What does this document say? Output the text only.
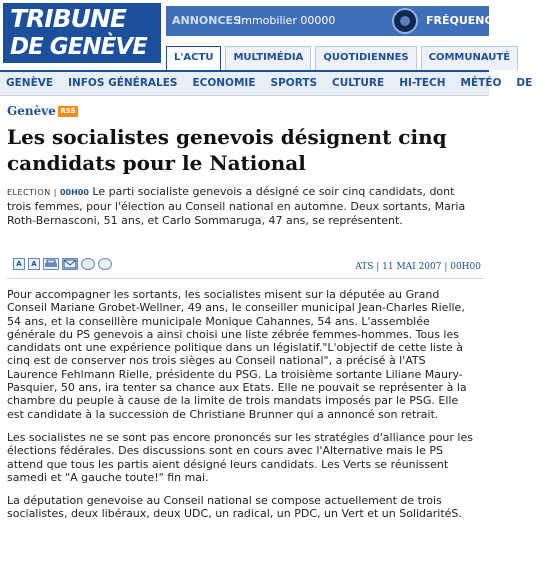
TRIBUNE
DE GENÈVE
ANNONCES
Immobilier 00000	FRÉQUENCE
L'ACTU	MULTIMÉDIA	QUOTIDIENNES	COMMUNAUTÉ
GENÈVE	INFOS GÉNÉRALES	ECONOMIE	SPORTS	CULTURE	HI-TECH	MÉTÉO	DE
Genève RSS
Les socialistes genevois désignent cinq candidats pour le National

ELECTION | 00H00 Le parti socialiste genevois a désigné ce soir cinq candidats, dont trois femmes, pour l'élection au Conseil national en automne. Deux sortants, Maria Roth-Bernasconi, 51 ans, et Carlo Sommaruga, 47 ans, se représentent.

A	A	ATS | 11 MAI 2007 | 00H00

Pour accompagner les sortants, les socialistes misent sur la députée au Grand Conseil Mariane Grobet-Wellner, 49 ans, le conseiller municipal Jean-Charles Rielle, 54 ans, et la conseillère municipale Monique Cahannes, 54 ans. L'assemblée générale du PS genevois a ainsi choisi une liste zébrée femmes-hommes. Tous les candidats ont une expérience politique dans un législatif."L'objectif de cette liste à cinq est de conserver nos trois sièges au Conseil national", a précisé à l'ATS Laurence Fehlmann Rielle, présidente du PSG. La troisième sortante Liliane Maury-Pasquier, 50 ans, ira tenter sa chance aux Etats. Elle ne pouvait se représenter à la chambre du peuple à cause de la limite de trois mandats imposés par le PSG. Elle est candidate à la succession de Christiane Brunner qui a annoncé son retrait.

Les socialistes ne se sont pas encore prononcés sur les stratégies d'alliance pour les élections fédérales. Des discussions sont en cours avec l'Alternative mais le PS attend que tous les partis aient désigné leurs candidats. Les Verts se réunissent samedi et "A gauche toute!" fin mai.

La députation genevoise au Conseil national se compose actuellement de trois socialistes, deux libéraux, deux UDC, un radical, un PDC, un Vert et un SolidaritéS.
